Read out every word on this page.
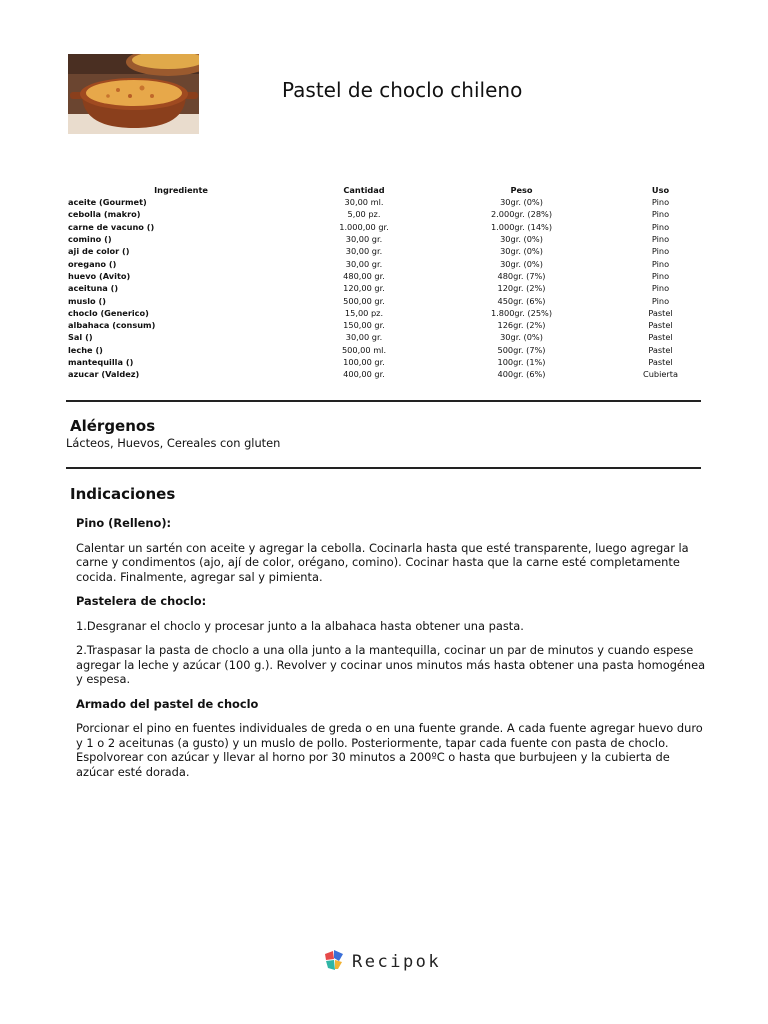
Pastel de choclo chileno
Ingrediente	Cantidad	Peso	Uso
aceite (Gourmet)	30,00 ml.	30gr. (0%)	Pino
cebolla (makro)	5,00 pz.	2.000gr. (28%)	Pino
carne de vacuno ()	1.000,00 gr.	1.000gr. (14%)	Pino
comino ()	30,00 gr.	30gr. (0%)	Pino
aji de color ()	30,00 gr.	30gr. (0%)	Pino
oregano ()	30,00 gr.	30gr. (0%)	Pino
huevo (Avito)	480,00 gr.	480gr. (7%)	Pino
aceituna ()	120,00 gr.	120gr. (2%)	Pino
muslo ()	500,00 gr.	450gr. (6%)	Pino
choclo (Generico)	15,00 pz.	1.800gr. (25%)	Pastel
albahaca (consum)	150,00 gr.	126gr. (2%)	Pastel
Sal ()	30,00 gr.	30gr. (0%)	Pastel
leche ()	500,00 ml.	500gr. (7%)	Pastel
mantequilla ()	100,00 gr.	100gr. (1%)	Pastel
azucar (Valdez)	400,00 gr.	400gr. (6%)	Cubierta
Alérgenos
Lácteos, Huevos, Cereales con gluten
Indicaciones
Pino (Relleno):

Calentar un sartén con aceite y agregar la cebolla. Cocinarla hasta que esté transparente, luego agregar la carne y condimentos (ajo, ají de color, orégano, comino). Cocinar hasta que la carne esté completamente cocida. Finalmente, agregar sal y pimienta.

Pastelera de choclo:

1.Desgranar el choclo y procesar junto a la albahaca hasta obtener una pasta.

2.Traspasar la pasta de choclo a una olla junto a la mantequilla, cocinar un par de minutos y cuando espese agregar la leche y azúcar (100 g.). Revolver y cocinar unos minutos más hasta obtener una pasta homogénea y espesa.

Armado del pastel de choclo

Porcionar el pino en fuentes individuales de greda o en una fuente grande. A cada fuente agregar huevo duro y 1 o 2 aceitunas (a gusto) y un muslo de pollo. Posteriormente, tapar cada fuente con pasta de choclo. Espolvorear con azúcar y llevar al horno por 30 minutos a 200ºC o hasta que burbujeen y la cubierta de azúcar esté dorada.

Recipok
